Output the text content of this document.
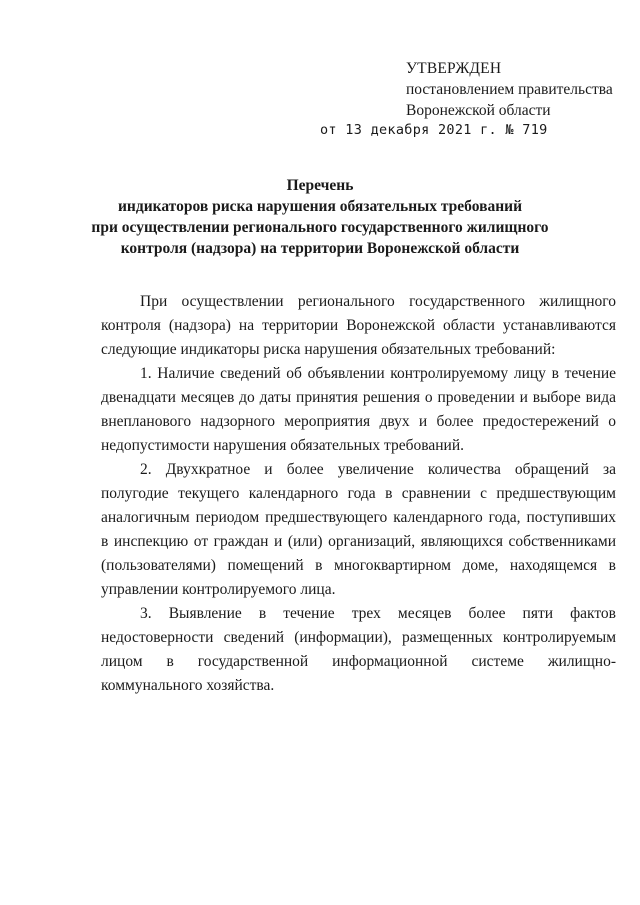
УТВЕРЖДЕН
постановлением правительства
Воронежской области
от 13 декабря 2021 г. № 719
Перечень
индикаторов риска нарушения обязательных требований
при осуществлении регионального государственного жилищного
контроля (надзора) на территории Воронежской области

При осуществлении регионального государственного жилищного контроля (надзора) на территории Воронежской области устанавливаются следующие индикаторы риска нарушения обязательных требований:

1. Наличие сведений об объявлении контролируемому лицу в течение двенадцати месяцев до даты принятия решения о проведении и выборе вида внепланового надзорного мероприятия двух и более предостережений о недопустимости нарушения обязательных требований.

2. Двухкратное и более увеличение количества обращений за полугодие текущего календарного года в сравнении с предшествующим аналогичным периодом предшествующего календарного года, поступивших в инспекцию от граждан и (или) организаций, являющихся собственниками (пользователями) помещений в многоквартирном доме, находящемся в управлении контролируемого лица.

3. Выявление в течение трех месяцев более пяти фактов недостоверности сведений (информации), размещенных контролируемым лицом в государственной информационной системе жилищно-коммунального хозяйства.
